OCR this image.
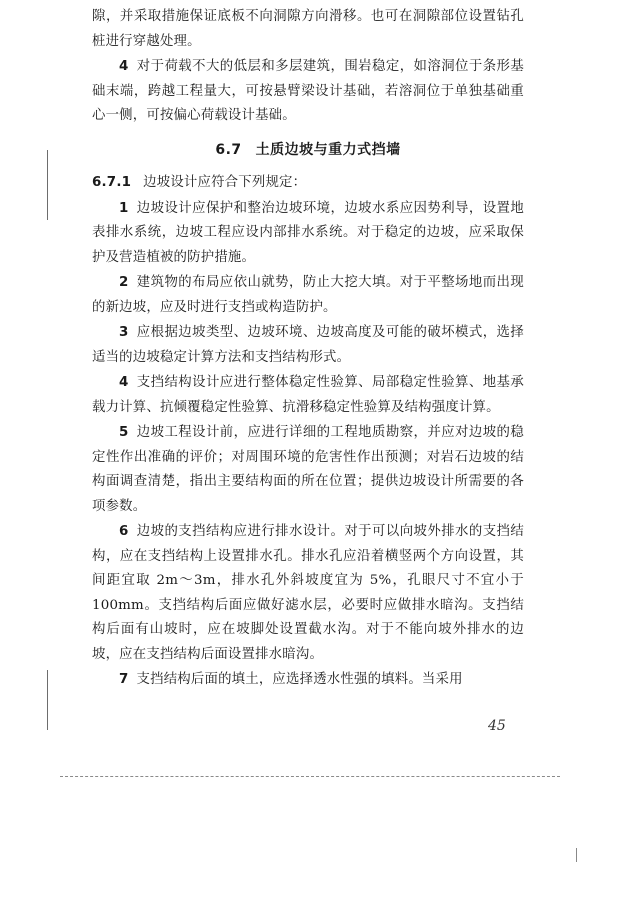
隙，并采取措施保证底板不向洞隙方向滑移。也可在洞隙部位设置钻孔桩进行穿越处理。

4 对于荷载不大的低层和多层建筑，围岩稳定，如溶洞位于条形基础末端，跨越工程量大，可按悬臂梁设计基础，若溶洞位于单独基础重心一侧，可按偏心荷载设计基础。

6.7 土质边坡与重力式挡墙

6.7.1 边坡设计应符合下列规定：

1 边坡设计应保护和整治边坡环境，边坡水系应因势利导，设置地表排水系统，边坡工程应设内部排水系统。对于稳定的边坡，应采取保护及营造植被的防护措施。

2 建筑物的布局应依山就势，防止大挖大填。对于平整场地而出现的新边坡，应及时进行支挡或构造防护。

3 应根据边坡类型、边坡环境、边坡高度及可能的破坏模式，选择适当的边坡稳定计算方法和支挡结构形式。

4 支挡结构设计应进行整体稳定性验算、局部稳定性验算、地基承载力计算、抗倾覆稳定性验算、抗滑移稳定性验算及结构强度计算。

5 边坡工程设计前，应进行详细的工程地质勘察，并应对边坡的稳定性作出准确的评价；对周围环境的危害性作出预测；对岩石边坡的结构面调查清楚，指出主要结构面的所在位置；提供边坡设计所需要的各项参数。

6 边坡的支挡结构应进行排水设计。对于可以向坡外排水的支挡结构，应在支挡结构上设置排水孔。排水孔应沿着横竖两个方向设置，其间距宜取 2m～3m，排水孔外斜坡度宜为 5%，孔眼尺寸不宜小于 100mm。支挡结构后面应做好滤水层，必要时应做排水暗沟。支挡结构后面有山坡时，应在坡脚处设置截水沟。对于不能向坡外排水的边坡，应在支挡结构后面设置排水暗沟。

7 支挡结构后面的填土，应选择透水性强的填料。当采用

45
